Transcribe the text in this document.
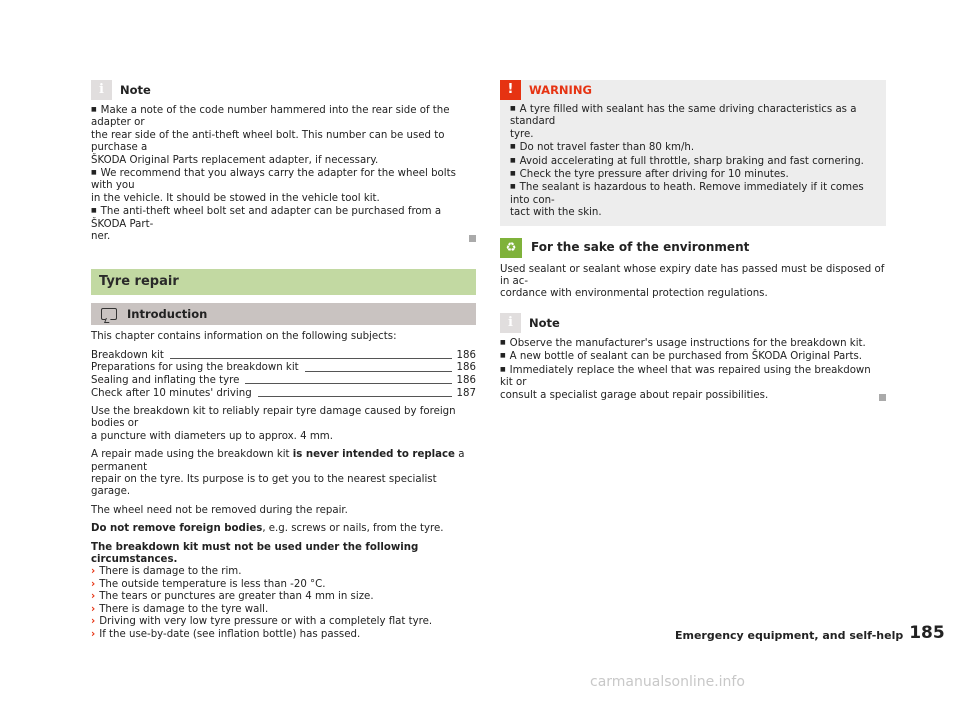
i	Note
■ Make a note of the code number hammered into the rear side of the adapter or
the rear side of the anti-theft wheel bolt. This number can be used to purchase a
ŠKODA Original Parts replacement adapter, if necessary.
■ We recommend that you always carry the adapter for the wheel bolts with you
in the vehicle. It should be stowed in the vehicle tool kit.
■ The anti-theft wheel bolt set and adapter can be purchased from a ŠKODA Part-
ner.
Tyre repair
Introduction
This chapter contains information on the following subjects:
Breakdown kit	186
Preparations for using the breakdown kit	186
Sealing and inflating the tyre	186
Check after 10 minutes' driving	187
Use the breakdown kit to reliably repair tyre damage caused by foreign bodies or
a puncture with diameters up to approx. 4 mm.
A repair made using the breakdown kit is never intended to replace a permanent
repair on the tyre. Its purpose is to get you to the nearest specialist garage.
The wheel need not be removed during the repair.
Do not remove foreign bodies, e.g. screws or nails, from the tyre.
The breakdown kit must not be used under the following circumstances.
› There is damage to the rim.
› The outside temperature is less than -20 °C.
› The tears or punctures are greater than 4 mm in size.
› There is damage to the tyre wall.
› Driving with very low tyre pressure or with a completely flat tyre.
› If the use-by-date (see inflation bottle) has passed.
!	WARNING
■ A tyre filled with sealant has the same driving characteristics as a standard
tyre.
■ Do not travel faster than 80 km/h.
■ Avoid accelerating at full throttle, sharp braking and fast cornering.
■ Check the tyre pressure after driving for 10 minutes.
■ The sealant is hazardous to heath. Remove immediately if it comes into con-
tact with the skin.
♻	For the sake of the environment
Used sealant or sealant whose expiry date has passed must be disposed of in ac-
cordance with environmental protection regulations.
i	Note
■ Observe the manufacturer's usage instructions for the breakdown kit.
■ A new bottle of sealant can be purchased from ŠKODA Original Parts.
■ Immediately replace the wheel that was repaired using the breakdown kit or
consult a specialist garage about repair possibilities.
Emergency equipment, and self-help 185
carmanualsonline.info
